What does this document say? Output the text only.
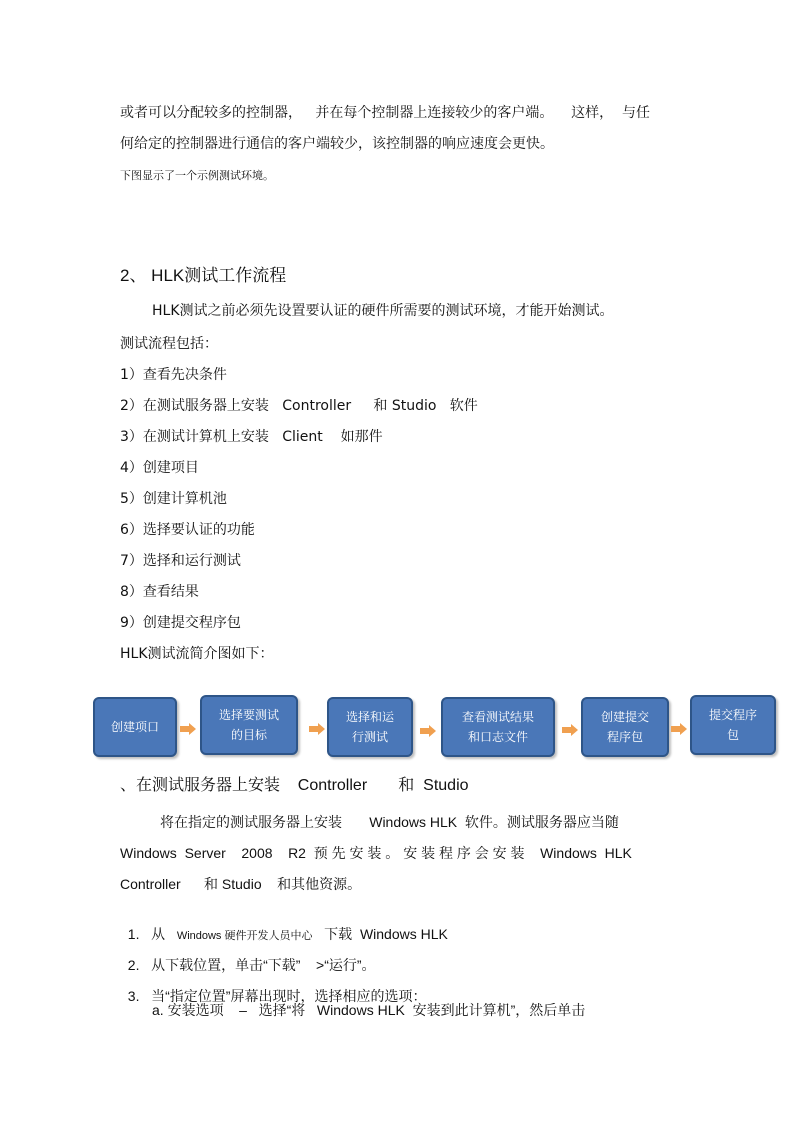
或者可以分配较多的控制器，   并在每个控制器上连接较少的客户端。    这样，  与任
何给定的控制器进行通信的客户端较少，该控制器的响应速度会更快。
下图显示了一个示例测试环境。
2、 HLK测试工作流程
HLK测试之前必须先设置要认证的硬件所需要的测试环境，才能开始测试。
测试流程包括：
1）查看先决条件
2）在测试服务器上安装   Controller     和 Studio   软件
3）在测试计算机上安装   Client    如那件
4）创建项目
5）创建计算机池
6）选择要认证的功能
7）选择和运行测试
8）查看结果
9）创建提交程序包
HLK测试流简介图如下：
创建项口
选择要测试
的目标
选择和运
行测试
查看测试结果
和口志文件
创建提交
程序包
提交程序
包
、在测试服务器上安装    Controller       和  Studio
将在指定的测试服务器上安装       Windows HLK  软件。测试服务器应当随
Windows  Server    2008    R2  预 先 安 装 。 安 装 程 序 会 安 装    Windows  HLK
Controller      和 Studio    和其他资源。

1. 从 Windows 硬件开发人员中心 下载  Windows HLK

2. 从下载位置，单击“下载”    >“运行”。

3. 当“指定位置”屏幕出现时，选择相应的选项：

a. 安装选项    –   选择“将   Windows HLK  安装到此计算机”，然后单击
